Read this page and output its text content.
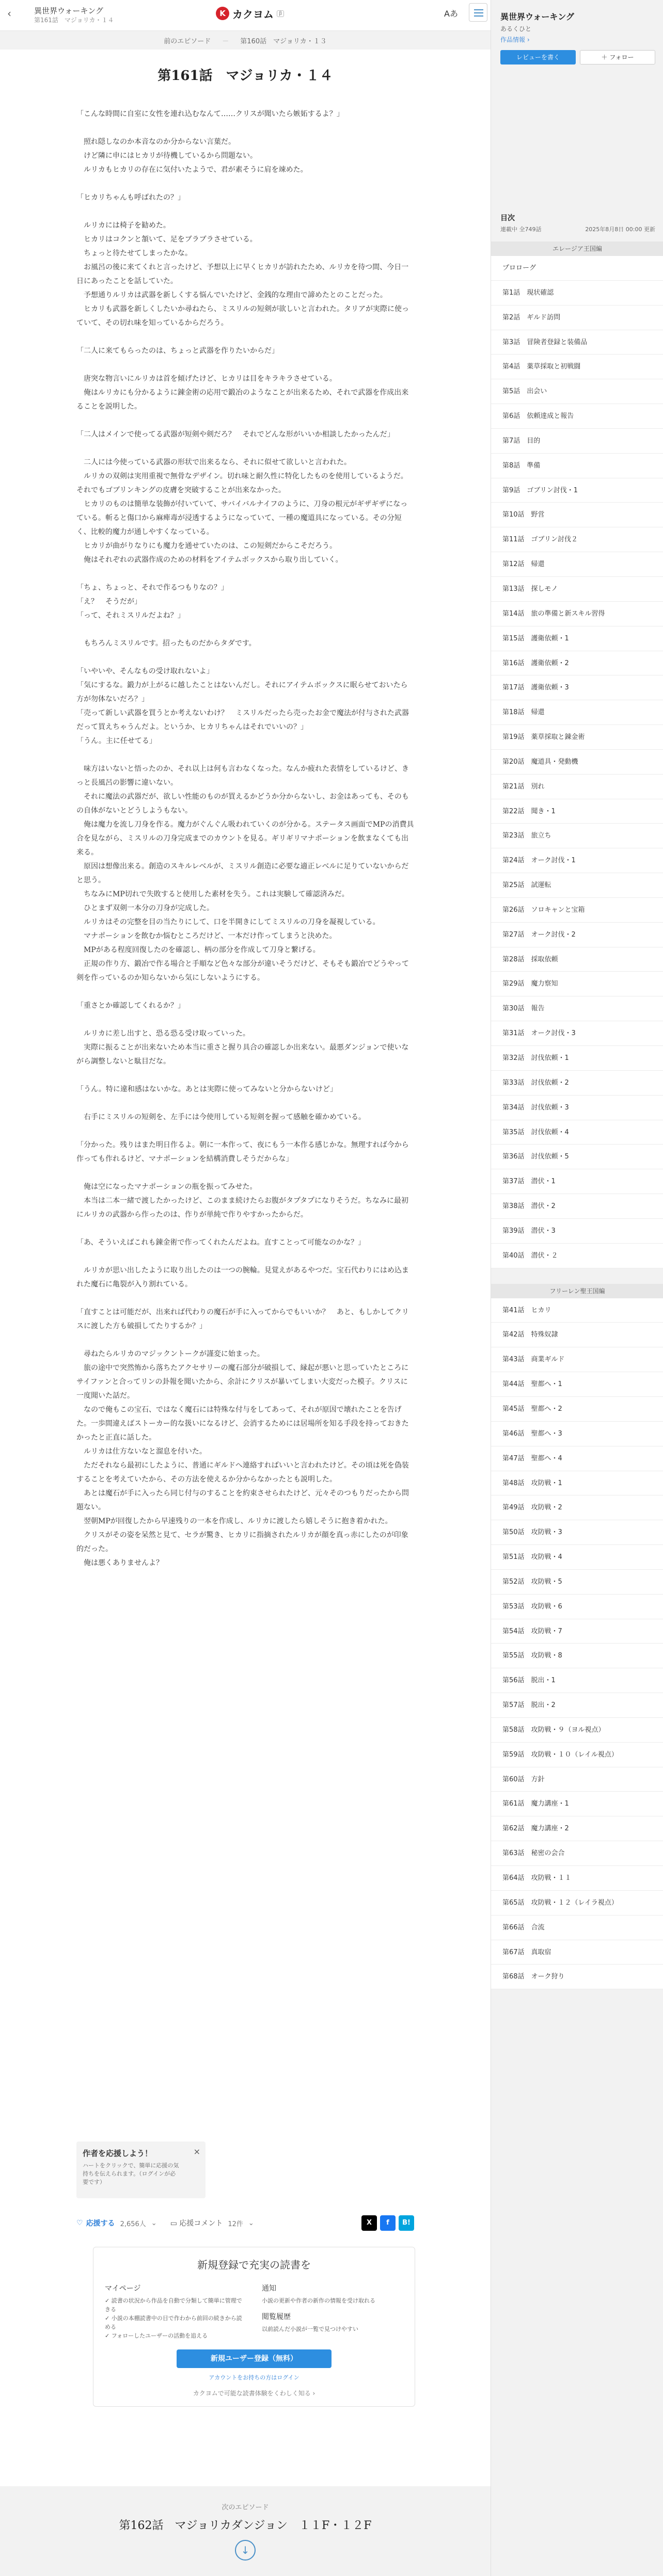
‹	異世界ウォーキング
第161話　マジョリカ・１４
K カクヨム	β	Aあ
前のエピソード － 第160話　マジョリカ・１３
第161話　マジョリカ・１４

「こんな時間に自室に女性を連れ込むなんて……クリスが聞いたら嫉妬するよ？」

　照れ隠しなのか本音なのか分からない言葉だ。

　けど隣に申にはヒカリが待機しているから問題ない。

　ルリカもヒカリの存在に気付いたようで、君が素そうに肩を竦めた。

「ヒカリちゃんも呼ばれたの？」

　ルリカには椅子を勧めた。

　ヒカリはコクンと頷いて、足をブラブラさせている。

　ちょっと待たせてしまったかな。

　お風呂の後に来てくれと言ったけど、予想以上に早くヒカリが訪れたため、ルリカを待つ間、今日一日にあったことを話していた。

　予想通りルリカは武器を新しくする悩んでいたけど、金銭的な理由で諦めたとのことだった。

　ヒカリも武器を新しくしたいか尋ねたら、ミスリルの短剣が欲しいと言われた。タリアが実際に使っていて、その切れ味を知っているからだろう。

「二人に来てもらったのは、ちょっと武器を作りたいからだ」

　唐突な物言いにルリカは首を傾げたけど、ヒカリは目をキラキラさせている。

　俺はルリカにも分かるように錬金術の応用で鍛冶のようなことが出来るため、それで武器を作成出来ることを説明した。

「二人はメインで使ってる武器が短剣や剣だろ？　それでどんな形がいいか相談したかったんだ」

　二人には今使っている武器の形状で出来るなら、それに似せて欲しいと言われた。

　ルリカの双剣は実用重視で無骨なデザイン。切れ味と耐久性に特化したものを使用しているようだ。それでもゴブリンキングの皮膚を突破することが出来なかった。

　ヒカリのものは簡単な装飾が付いていて、サバイバルナイフのように、刀身の根元がギザギザになっている。斬ると傷口から麻痺毒が浸透するようになっていて、一種の魔道具になっている。その分短く、比較的魔力が通しやすくなっている。

　ヒカリが曲がりなりにも魔力を通せていたのは、この短剣だからこそだろう。

　俺はそれぞれの武器作成のための材料をアイテムボックスから取り出していく。

「ちょ、ちょっと、それで作るつもりなの？」

「え？　そうだが」

「って、それミスリルだよね？」

　もちろんミスリルです。招ったものだからタダです。

「いやいや、そんなもの受け取れないよ」

「気にするな。鍛力が上がるに越したことはないんだし。それにアイテムボックスに眠らせておいたら方が勿体ないだろ？」

「売って新しい武器を買うとか考えないわけ？　ミスリルだったら売ったお金で魔法が付与された武器だって買えちゃうんだよ。というか、ヒカリちゃんはそれでいいの？」

「うん。主に任せてる」

　味方はいないと悟ったのか、それ以上は何も言わなくなった。なんか疲れた表情をしているけど、きっと長風呂の影響に違いない。

　それに魔法の武器だが、欲しい性能のものが買えるかどうか分からないし、お金はあっても、そのもの自体がないとどうしようもない。

　俺は魔力を流し刀身を作る。魔力がぐんぐん吸われていくのが分かる。ステータス画面でMPの消費具合を見ながら、ミスリルの刀身完成までのカウントを見る。ギリギリマナポーションを飲まなくても出来る。

　原因は想像出来る。創造のスキルレベルが、ミスリル創造に必要な適正レベルに足りていないからだと思う。

　ちなみにMP切れで失敗すると使用した素材を失う。これは実験して確認済みだ。

　ひとまず双剣一本分の刀身が完成した。

　ルリカはその完整を目の当たりにして、口を半開きにしてミスリルの刀身を凝視している。

　マナポーションを飲むか悩むところだけど、一本だけ作ってしまうと決めた。

　MPがある程度回復したのを確認し、柄の部分を作成して刀身と繋げる。

　正規の作り方、鍛冶で作る場合と手順など色々な部分が違いそうだけど、そもそも鍛冶でどうやって剣を作っているのか知らないから気にしないようにする。

「重さとか確認してくれるか？」

　ルリカに差し出すと、恐る恐る受け取っていった。

　実際に振ることが出来ないため本当に重さと握り具合の確認しか出来ない。最悪ダンジョンで使いながら調整しないと駄目だな。

「うん。特に違和感はないかな。あとは実際に使ってみないと分からないけど」

　右手にミスリルの短剣を、左手には今使用している短剣を握って感触を確かめている。

「分かった。残りはまた明日作るよ。朝に一本作って、夜にもう一本作る感じかな。無理すれば今から作っても作れるけど、マナポーションを結構消費しそうだからな」

　俺は空になったマナポーションの瓶を振ってみせた。

　本当は二本一緒で渡したかったけど、このまま続けたらお腹がタプタプになりそうだ。ちなみに最初にルリカの武器から作ったのは、作りが単純で作りやすかったからだ。

「あ、そういえばこれも錬金術で作ってくれたんだよね。直すことって可能なのかな？」

　ルリカが思い出したように取り出したのは一つの腕輪。見覚えがあるやつだ。宝石代わりにはめ込まれた魔石に亀裂が入り割れている。

「直すことは可能だが、出来れば代わりの魔石が手に入ってからでもいいか？　あと、もしかしてクリスに渡した方も破損してたりするか？」

　尋ねたらルリカのマジックントークが謹変に始まった。

　旅の途中で突然怖から落ちたアクセサリーの魔石部分が破損して、縁起が悪いと思っていたところにサイファンと合ってリンの卦報を聞いたから、余計にクリスが暴いてしまい大変だった模子。クリスに一度聞いた話だ。

　なので俺もこの宝石、ではなく魔石には特殊な付与をしてあって、それが原因で壊れたことを告げた。一歩間違えばストーカー的な扱いになるけど、会消するためには居場所を知る手段を持っておきたかったと正直に話した。

　ルリカは仕方ないなと溜息を付いた。

　ただそれなら最初にしたように、普通にギルドへ連絡すればいいと言われたけど。その頃は死を偽装することを考えていたから、その方法を使えるか分からなかったとも説明した。

　あとは魔石が手に入ったら同じ付与のすることを約束させられたけど、元々そのつもりだったから問題ない。

　翌朝MPが回復したから早速残りの一本を作成し、ルリカに渡したら嬉しそうに抱き着かれた。

　クリスがその姿を呆然と見て、セラが驚き、ヒカリに指摘されたルリカが顔を真っ赤にしたのが印象的だった。

　俺は悪くありませんよ？

作者を応援しよう！

ハートをクリックで、簡単に応援の気持ちを伝えられます。（ログインが必要です）

×
♡ 応援する 2,656人 ⌄ ▭ 応援コメント 12件 ⌄	X	f	B!
新規登録で充実の読書を
マイページ
✓ 読書の状況から作品を自動で分類して簡単に管理できる
✓ 小説の本棚読書中の目で作わから前回の続きから読める
✓ フォローしたユーザーの活動を追える
通知
小説の更新や作者の新作の情報を受け取れる
閲覧履歴
以前読んだ小説が一覧で見つけやすい
新規ユーザー登録（無料）
アカウントをお持ちの方はログイン
カクヨムで可能な読書体験をくわしく知る ›
次のエピソード
第162話　マジョリカダンジョン　１１F・１２F
↓
異世界ウォーキング
あるくひと
作品情報 ›
レビューを書く	＋ フォロー
目次
連載中 全749話	2025年8月8日 00:00 更新
エレージア王国編
プロローグ
第1話　現状確認
第2話　ギルド訪問
第3話　冒険者登録と装備品
第4話　薬草採取と初戦闘
第5話　出会い
第6話　依頼達成と報告
第7話　目的
第8話　準備
第9話　ゴブリン討伐・1
第10話　野営
第11話　ゴブリン討伐２
第12話　帰還
第13話　探しモノ
第14話　旅の準備と新スキル習得
第15話　護衛依頼・1
第16話　護衛依頼・2
第17話　護衛依頼・3
第18話　帰還
第19話　薬草採取と錬金術
第20話　魔道具・発動機
第21話　別れ
第22話　聞き・1
第23話　旅立ち
第24話　オーク討伐・1
第25話　試運転
第26話　ソロキャンと宝箱
第27話　オーク討伐・2
第28話　採取依頼
第29話　魔力察知
第30話　報告
第31話　オーク討伐・3
第32話　討伐依頼・1
第33話　討伐依頼・2
第34話　討伐依頼・3
第35話　討伐依頼・4
第36話　討伐依頼・5
第37話　潜伏・1
第38話　潜伏・2
第39話　潜伏・3
第40話　潜伏・２
フリーレン聖王国編
第41話　ヒカリ
第42話　特殊奴隷
第43話　商業ギルド
第44話　聖都へ・1
第45話　聖都へ・2
第46話　聖都へ・3
第47話　聖都へ・4
第48話　攻防戦・1
第49話　攻防戦・2
第50話　攻防戦・3
第51話　攻防戦・4
第52話　攻防戦・5
第53話　攻防戦・6
第54話　攻防戦・7
第55話　攻防戦・8
第56話　脱出・1
第57話　脱出・2
第58話　攻防戦・９（ヨル視点）
第59話　攻防戦・１０（レイル視点）
第60話　方針
第61話　魔力講座・1
第62話　魔力講座・2
第63話　秘密の会合
第64話　攻防戦・１１
第65話　攻防戦・１２（レイラ視点）
第66話　合流
第67話　真取宿
第68話　オーク狩り
